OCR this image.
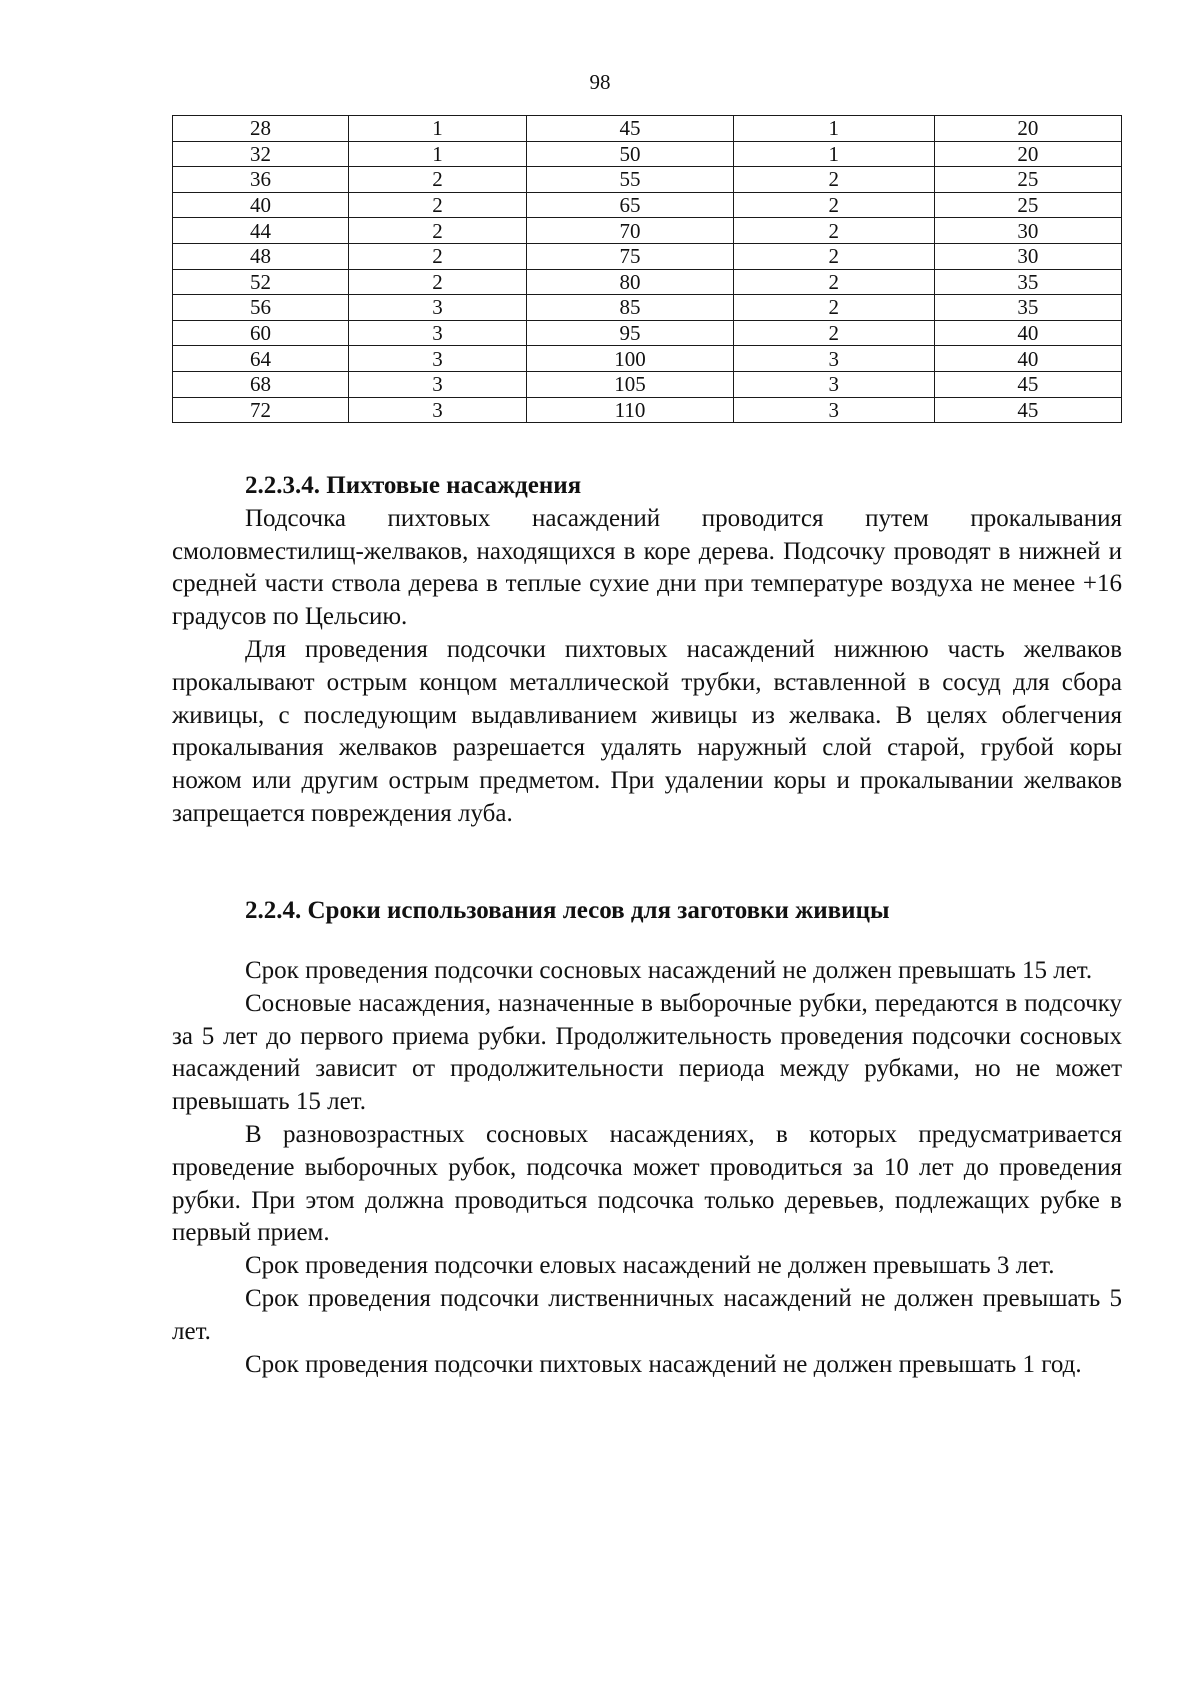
98
28	1	45	1	20
32	1	50	1	20
36	2	55	2	25
40	2	65	2	25
44	2	70	2	30
48	2	75	2	30
52	2	80	2	35
56	3	85	2	35
60	3	95	2	40
64	3	100	3	40
68	3	105	3	45
72	3	110	3	45

2.2.3.4. Пихтовые насаждения

Подсочка пихтовых насаждений проводится путем прокалывания смоловместилищ-желваков, находящихся в коре дерева. Подсочку проводят в нижней и средней части ствола дерева в теплые сухие дни при температуре воздуха не менее +16 градусов по Цельсию.

Для проведения подсочки пихтовых насаждений нижнюю часть желваков прокалывают острым концом металлической трубки, вставленной в сосуд для сбора живицы, с последующим выдавливанием живицы из желвака. В целях облегчения прокалывания желваков разрешается удалять наружный слой старой, грубой коры ножом или другим острым предметом. При удалении коры и прокалывании желваков запрещается повреждения луба.

2.2.4. Сроки использования лесов для заготовки живицы

Срок проведения подсочки сосновых насаждений не должен превышать 15 лет.

Сосновые насаждения, назначенные в выборочные рубки, передаются в подсочку за 5 лет до первого приема рубки. Продолжительность проведения подсочки сосновых насаждений зависит от продолжительности периода между рубками, но не может превышать 15 лет.

В разновозрастных сосновых насаждениях, в которых предусматривается проведение выборочных рубок, подсочка может проводиться за 10 лет до проведения рубки. При этом должна проводиться подсочка только деревьев, подлежащих рубке в первый прием.

Срок проведения подсочки еловых насаждений не должен превышать 3 лет.

Срок проведения подсочки лиственничных насаждений не должен превышать 5 лет.

Срок проведения подсочки пихтовых насаждений не должен превышать 1 год.
